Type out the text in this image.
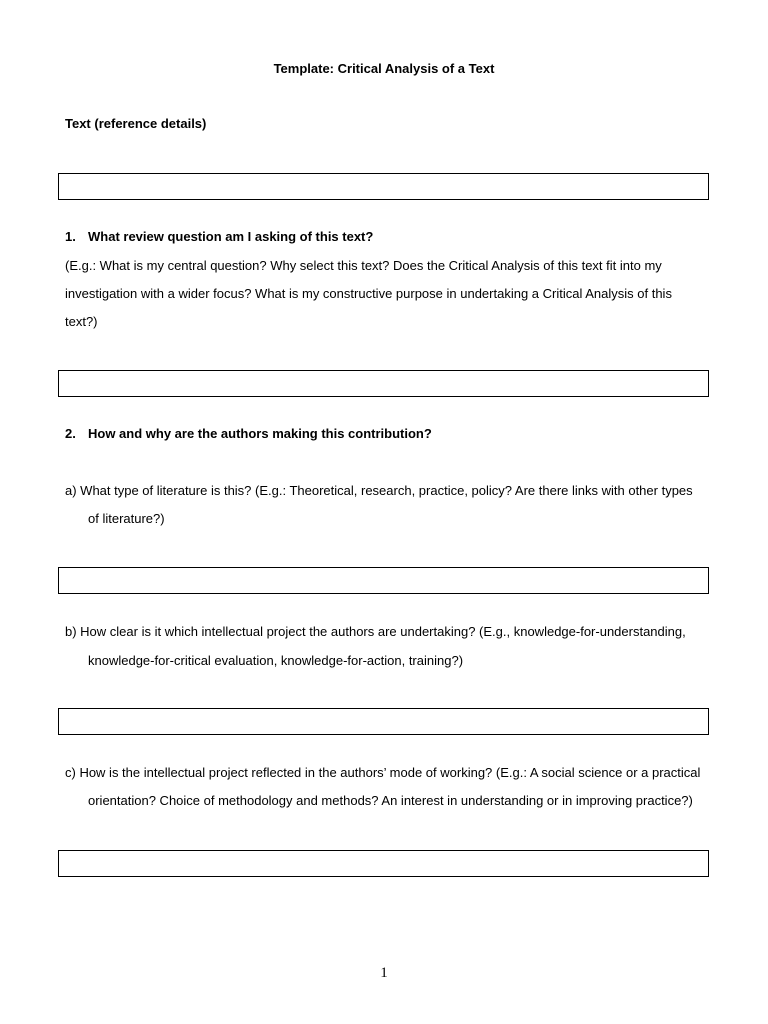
Template: Critical Analysis of a Text
Text (reference details)
1. What review question am I asking of this text?
(E.g.: What is my central question? Why select this text? Does the Critical Analysis of this text fit into my
investigation with a wider focus? What is my constructive purpose in undertaking a Critical Analysis of this
text?)
2. How and why are the authors making this contribution?
a) What type of literature is this? (E.g.: Theoretical, research, practice, policy? Are there links with other types
of literature?)
b) How clear is it which intellectual project the authors are undertaking? (E.g., knowledge-for-understanding,
knowledge-for-critical evaluation, knowledge-for-action, training?)
c) How is the intellectual project reflected in the authors’ mode of working? (E.g.: A social science or a practical
orientation? Choice of methodology and methods? An interest in understanding or in improving practice?)
1
